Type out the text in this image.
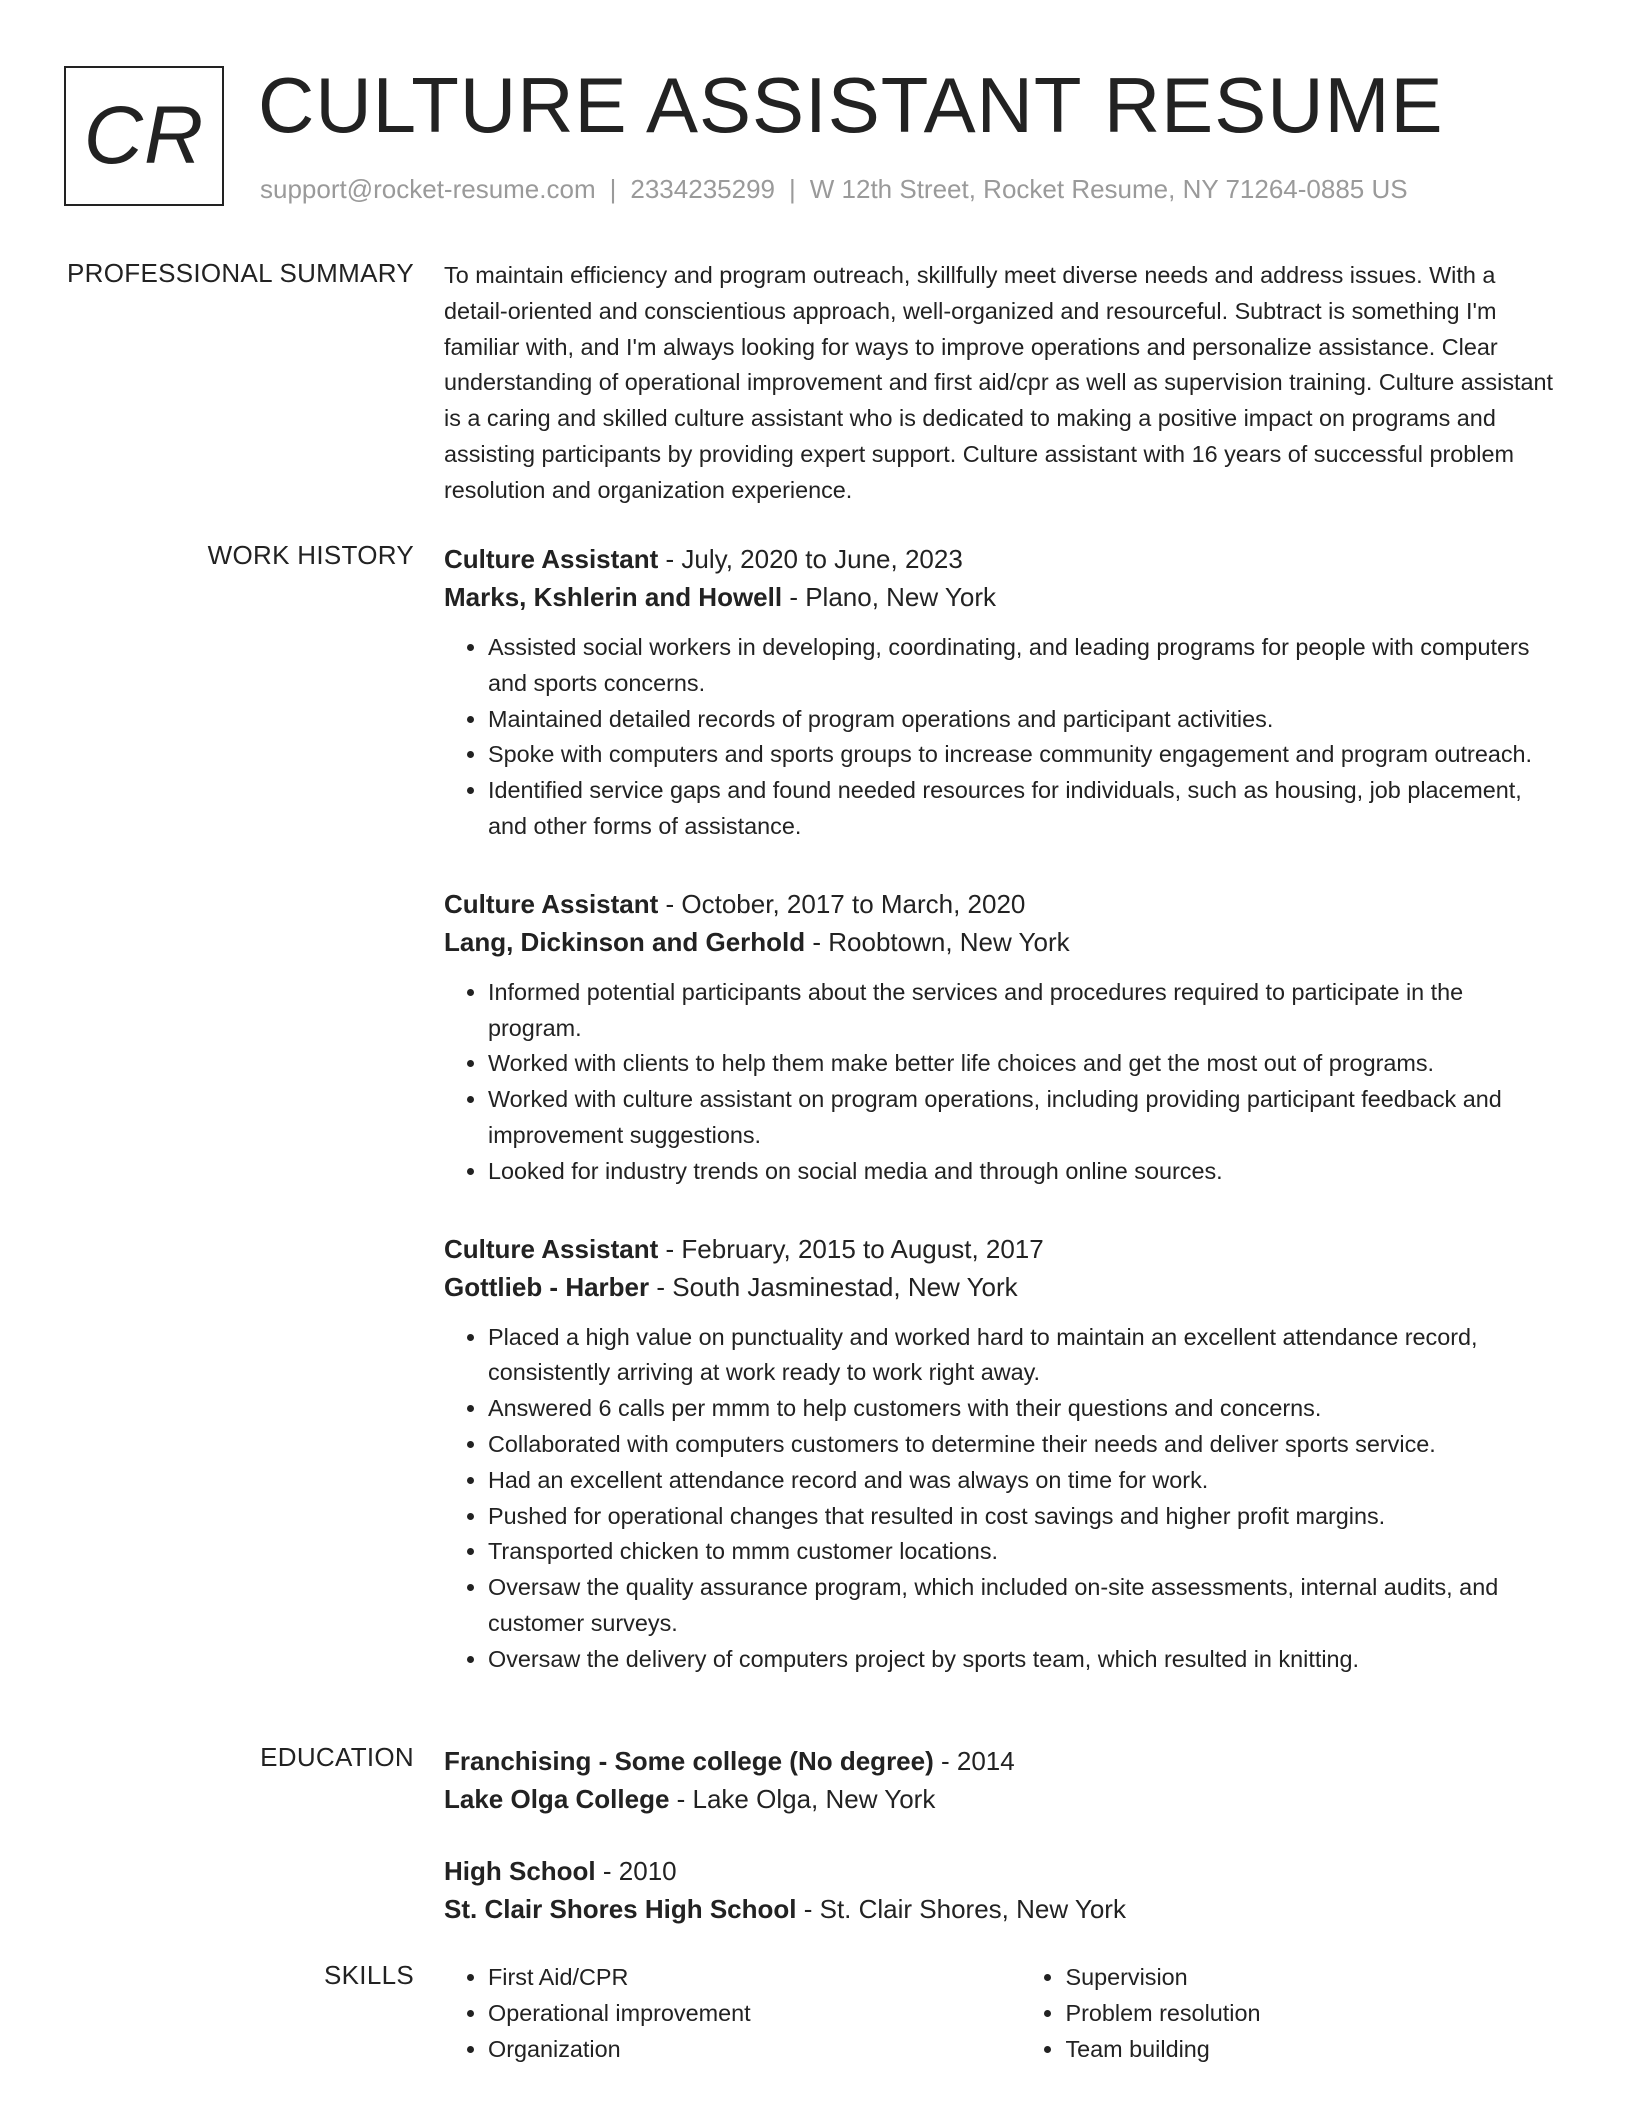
CR CULTURE ASSISTANT RESUME
support@rocket-resume.com | 2334235299 | W 12th Street, Rocket Resume, NY 71264-0885 US
PROFESSIONAL SUMMARY To maintain efficiency and program outreach, skillfully meet diverse needs and address issues. With a detail-oriented and conscientious approach, well-organized and resourceful. Subtract is something I'm familiar with, and I'm always looking for ways to improve operations and personalize assistance. Clear understanding of operational improvement and first aid/cpr as well as supervision training. Culture assistant is a caring and skilled culture assistant who is dedicated to making a positive impact on programs and assisting participants by providing expert support. Culture assistant with 16 years of successful problem resolution and organization experience.

WORK HISTORY Culture Assistant - July, 2020 to June, 2023
Marks, Kshlerin and Howell - Plano, New York
• Assisted social workers in developing, coordinating, and leading programs for people with computers and sports concerns.
• Maintained detailed records of program operations and participant activities.
• Spoke with computers and sports groups to increase community engagement and program outreach.
• Identified service gaps and found needed resources for individuals, such as housing, job placement, and other forms of assistance.
Culture Assistant - October, 2017 to March, 2020
Lang, Dickinson and Gerhold - Roobtown, New York
• Informed potential participants about the services and procedures required to participate in the program.
• Worked with clients to help them make better life choices and get the most out of programs.
• Worked with culture assistant on program operations, including providing participant feedback and improvement suggestions.
• Looked for industry trends on social media and through online sources.
Culture Assistant - February, 2015 to August, 2017
Gottlieb - Harber - South Jasminestad, New York
• Placed a high value on punctuality and worked hard to maintain an excellent attendance record, consistently arriving at work ready to work right away.
• Answered 6 calls per mmm to help customers with their questions and concerns.
• Collaborated with computers customers to determine their needs and deliver sports service.
• Had an excellent attendance record and was always on time for work.
• Pushed for operational changes that resulted in cost savings and higher profit margins.
• Transported chicken to mmm customer locations.
• Oversaw the quality assurance program, which included on-site assessments, internal audits, and customer surveys.
• Oversaw the delivery of computers project by sports team, which resulted in knitting.
EDUCATION Franchising - Some college (No degree) - 2014
Lake Olga College - Lake Olga, New York
High School - 2010
St. Clair Shores High School - St. Clair Shores, New York
SKILLS
•	First Aid/CPR
• Operational improvement
• Organization
• Supervision
• Problem resolution
• Team building
